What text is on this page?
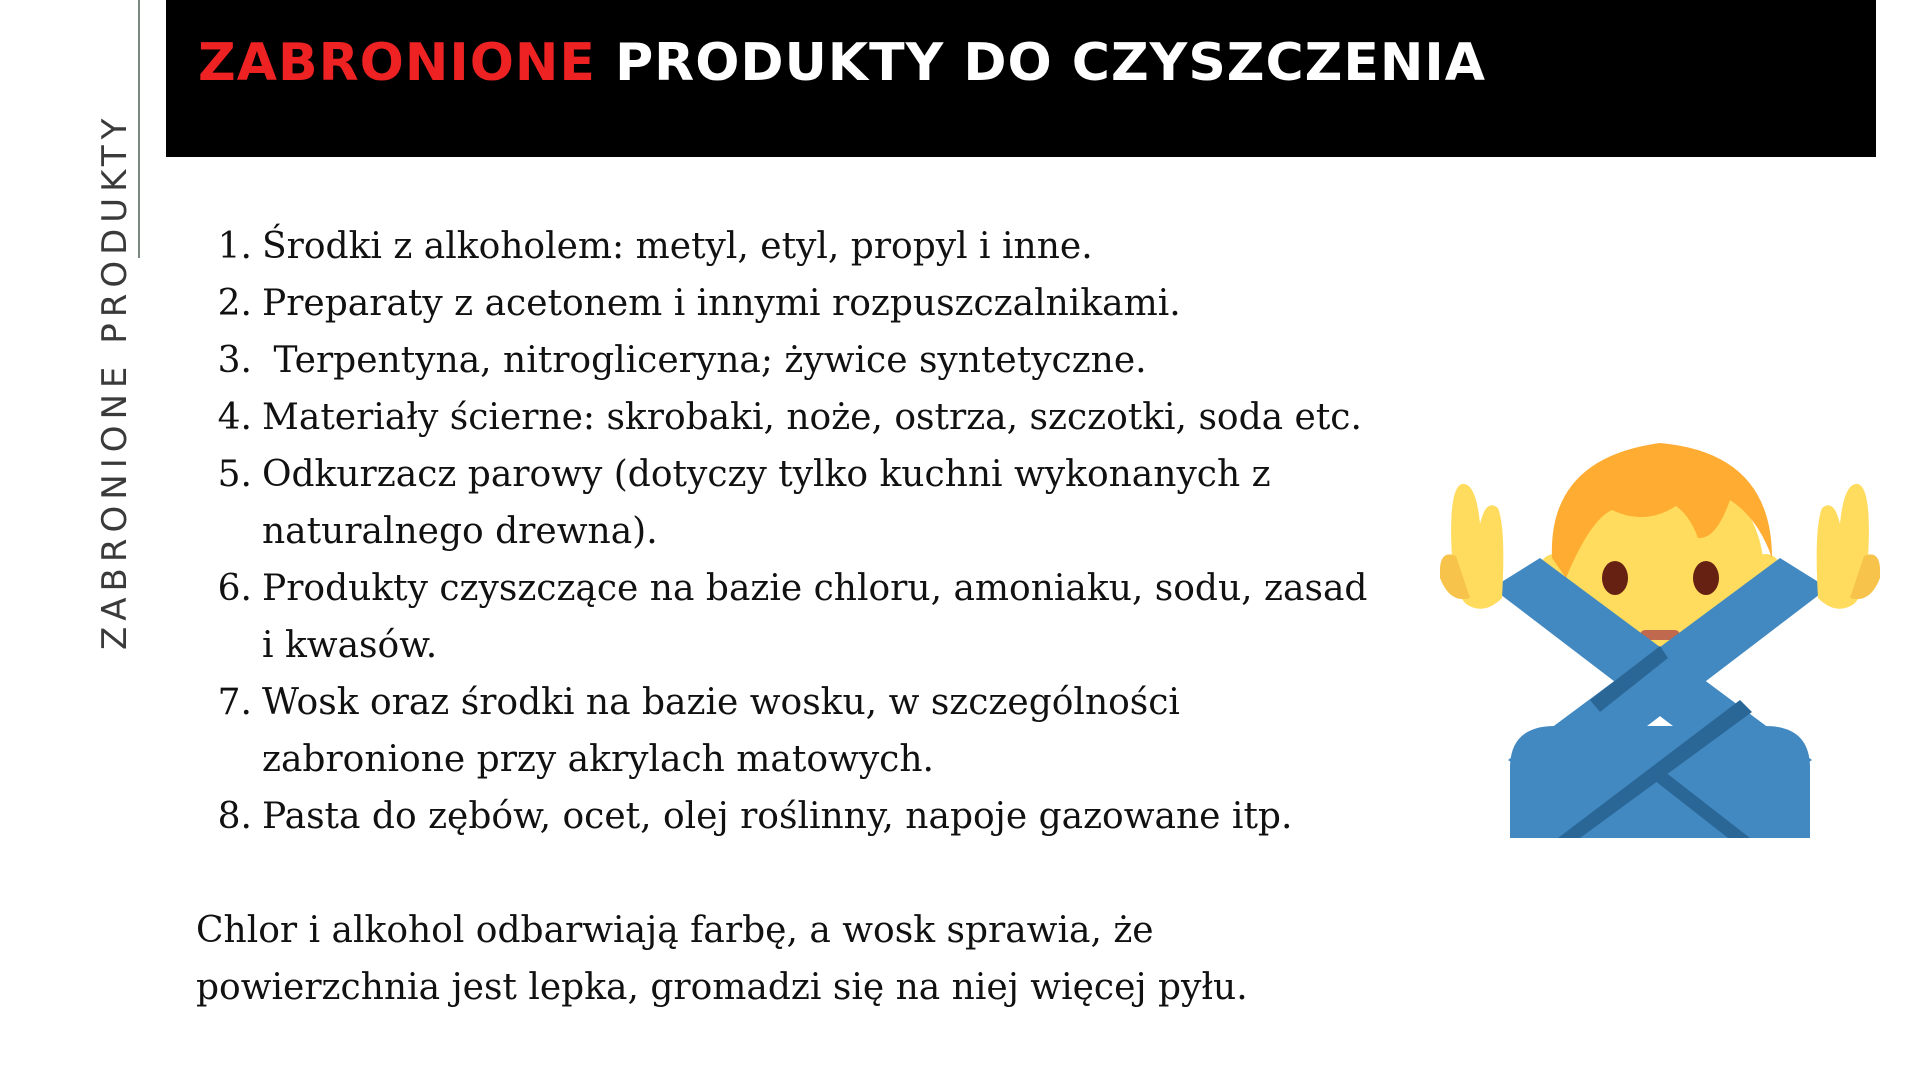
ZABRONIONE PRODUKTY
ZABRONIONE PRODUKTY DO CZYSZCZENIA
1. Środki z alkoholem: metyl, etyl, propyl i inne.
2. Preparaty z acetonem i innymi rozpuszczalnikami.
3. Terpentyna, nitrogliceryna; żywice syntetyczne.
4. Materiały ścierne: skrobaki, noże, ostrza, szczotki, soda etc.
5. Odkurzacz parowy (dotyczy tylko kuchni wykonanych z naturalnego drewna).
6. Produkty czyszczące na bazie chloru, amoniaku, sodu, zasad i kwasów.
7. Wosk oraz środki na bazie wosku, w szczególności zabronione przy akrylach matowych.
8. Pasta do zębów, ocet, olej roślinny, napoje gazowane itp.

Chlor i alkohol odbarwiają farbę, a wosk sprawia, że powierzchnia jest lepka, gromadzi się na niej więcej pyłu.
